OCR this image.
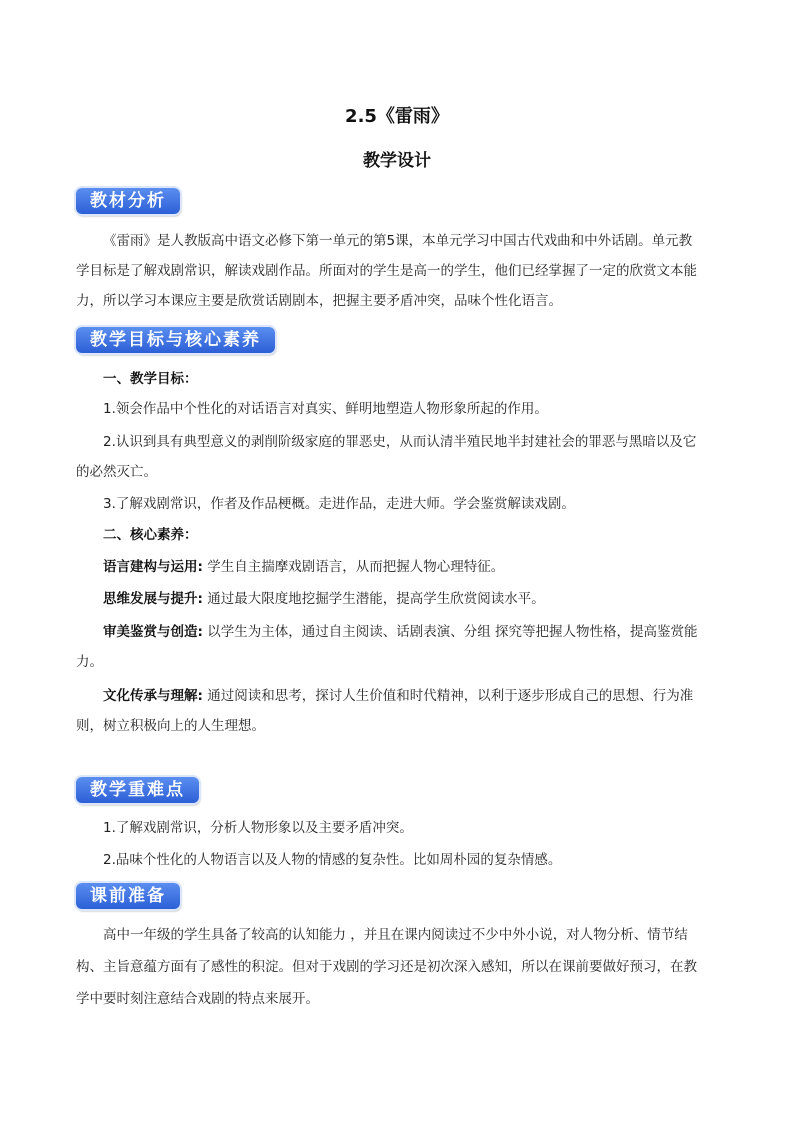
2.5《雷雨》
教学设计
教材分析
《雷雨》是人教版高中语文必修下第一单元的第5课，本单元学习中国古代戏曲和中外话剧。单元教
学目标是了解戏剧常识，解读戏剧作品。所面对的学生是高一的学生，他们已经掌握了一定的欣赏文本能
力，所以学习本课应主要是欣赏话剧剧本，把握主要矛盾冲突，品味个性化语言。
教学目标与核心素养
一、教学目标：
1.领会作品中个性化的对话语言对真实、鲜明地塑造人物形象所起的作用。
2.认识到具有典型意义的剥削阶级家庭的罪恶史，从而认清半殖民地半封建社会的罪恶与黑暗以及它
的必然灭亡。
3.了解戏剧常识，作者及作品梗概。走进作品，走进大师。学会鉴赏解读戏剧。
二、核心素养：
语言建构与运用: 学生自主揣摩戏剧语言，从而把握人物心理特征。
思维发展与提升: 通过最大限度地挖掘学生潜能，提高学生欣赏阅读水平。
审美鉴赏与创造: 以学生为主体，通过自主阅读、话剧表演、分组 探究等把握人物性格，提高鉴赏能
力。
文化传承与理解: 通过阅读和思考，探讨人生价值和时代精神，以利于逐步形成自己的思想、行为准
则，树立积极向上的人生理想。
教学重难点
1.了解戏剧常识，分析人物形象以及主要矛盾冲突。
2.品味个性化的人物语言以及人物的情感的复杂性。比如周朴园的复杂情感。
课前准备
高中一年级的学生具备了较高的认知能力 ，并且在课内阅读过不少中外小说，对人物分析、情节结
构、主旨意蕴方面有了感性的积淀。但对于戏剧的学习还是初次深入感知，所以在课前要做好预习，在教
学中要时刻注意结合戏剧的特点来展开。
